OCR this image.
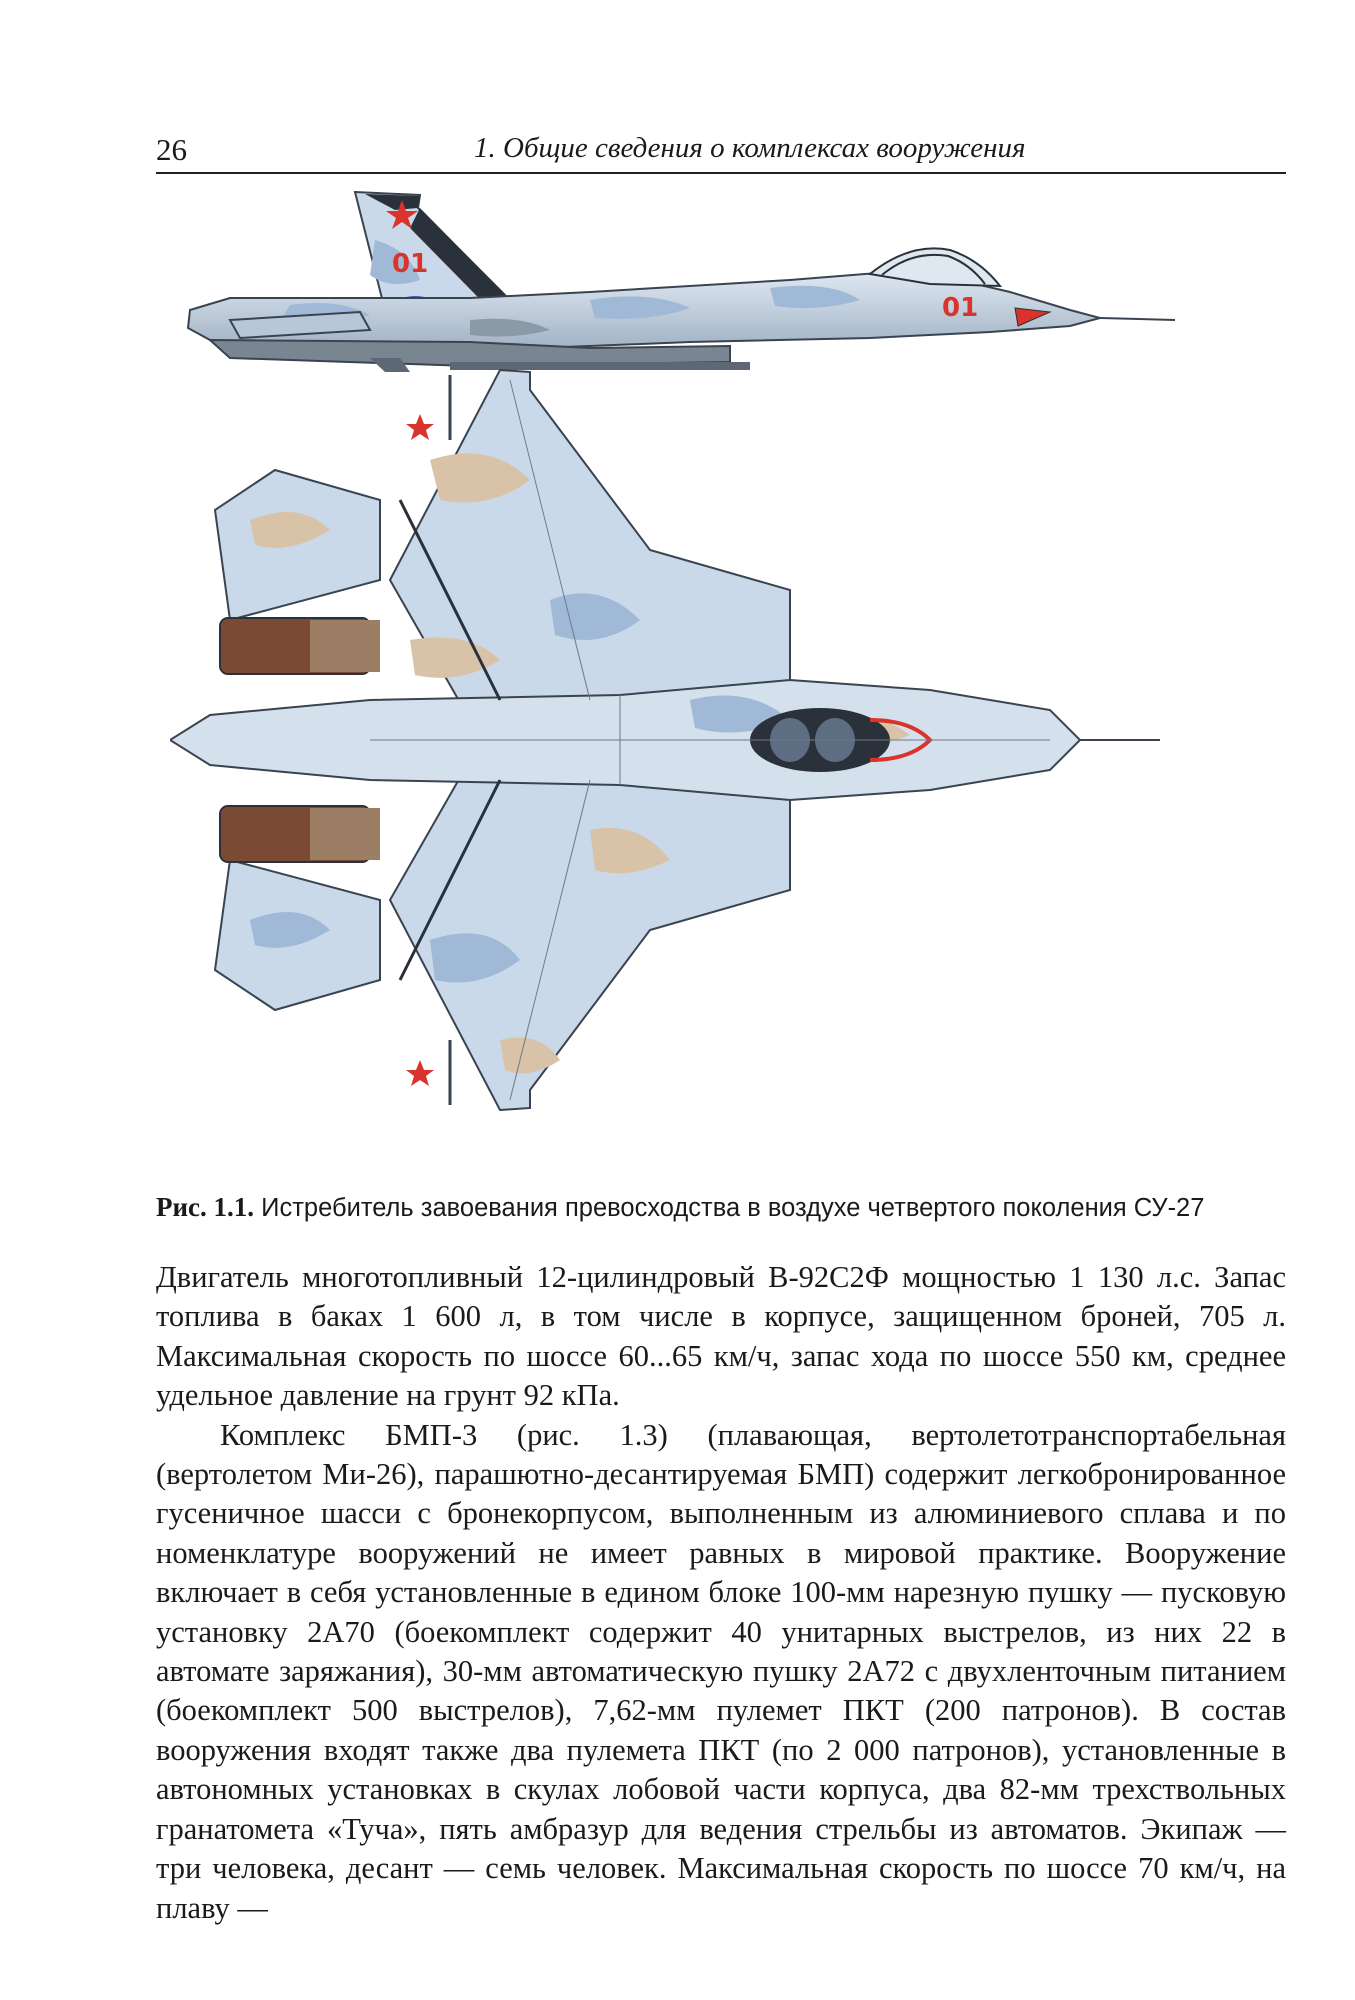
26	1. Общие сведения о комплексах вооружения
01
01
Рис. 1.1. Истребитель завоевания превосходства в воздухе четвертого поколения СУ-27

Двигатель многотопливный 12-цилиндровый В-92С2Ф мощностью 1 130 л.с. Запас топлива в баках 1 600 л, в том числе в корпусе, защищенном броней, 705 л. Максимальная скорость по шоссе 60...65 км/ч, запас хода по шоссе 550 км, среднее удельное давление на грунт 92 кПа.

Комплекс БМП-3 (рис. 1.3) (плавающая, вертолетотранспортабельная (вертолетом Ми-26), парашютно-десантируемая БМП) содержит легкобронированное гусеничное шасси с бронекорпусом, выполненным из алюминиевого сплава и по номенклатуре вооружений не имеет равных в мировой практике. Вооружение включает в себя установленные в едином блоке 100-мм нарезную пушку — пусковую установку 2А70 (боекомплект содержит 40 унитарных выстрелов, из них 22 в автомате заряжания), 30-мм автоматическую пушку 2А72 с двухленточным питанием (боекомплект 500 выстрелов), 7,62-мм пулемет ПКТ (200 патронов). В состав вооружения входят также два пулемета ПКТ (по 2 000 патронов), установленные в автономных установках в скулах лобовой части корпуса, два 82-мм трехствольных гранатомета «Туча», пять амбразур для ведения стрельбы из автоматов. Экипаж — три человека, десант — семь человек. Максимальная скорость по шоссе 70 км/ч, на плаву —
